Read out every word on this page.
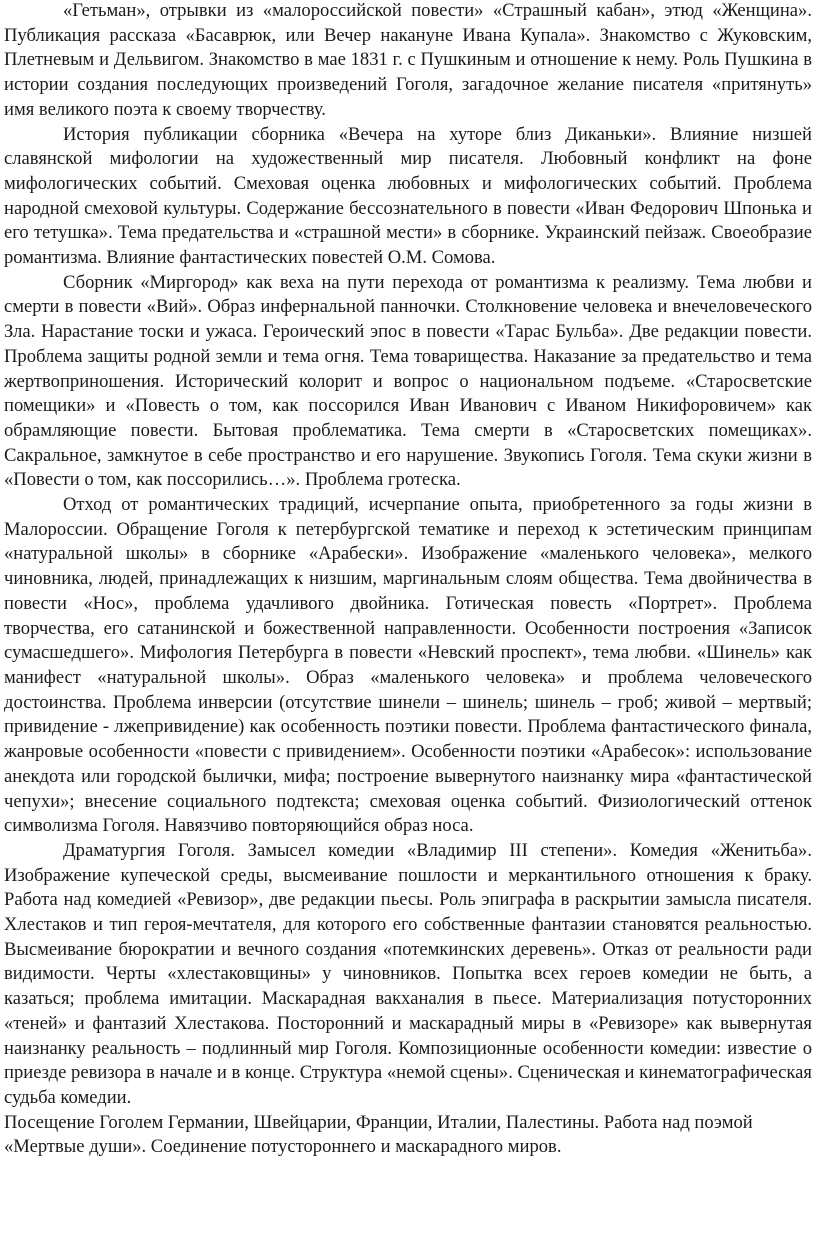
«Гетьман», отрывки из «малороссийской повести» «Страшный кабан», этюд «Женщина». Публикация рассказа «Басаврюк, или Вечер накануне Ивана Купала». Знакомство с Жуковским, Плетневым и Дельвигом. Знакомство в мае 1831 г. с Пушкиным и отношение к нему. Роль Пушкина в истории создания последующих произведений Гоголя, загадочное желание писателя «притянуть» имя великого поэта к своему творчеству.

История публикации сборника «Вечера на хуторе близ Диканьки». Влияние низшей славянской мифологии на художественный мир писателя. Любовный конфликт на фоне мифологических событий. Смеховая оценка любовных и мифологических событий. Проблема народной смеховой культуры. Содержание бессознательного в повести «Иван Федорович Шпонька и его тетушка». Тема предательства и «страшной мести» в сборнике. Украинский пейзаж. Своеобразие романтизма. Влияние фантастических повестей О.М. Сомова.

Сборник «Миргород» как веха на пути перехода от романтизма к реализму. Тема любви и смерти в повести «Вий». Образ инфернальной панночки. Столкновение человека и внечеловеческого Зла. Нарастание тоски и ужаса. Героический эпос в повести «Тарас Бульба». Две редакции повести. Проблема защиты родной земли и тема огня. Тема товарищества. Наказание за предательство и тема жертвоприношения. Исторический колорит и вопрос о национальном подъеме. «Старосветские помещики» и «Повесть о том, как поссорился Иван Иванович с Иваном Никифоровичем» как обрамляющие повести. Бытовая проблематика. Тема смерти в «Старосветских помещиках». Сакральное, замкнутое в себе пространство и его нарушение. Звукопись Гоголя. Тема скуки жизни в «Повести о том, как поссорились…». Проблема гротеска.

Отход от романтических традиций, исчерпание опыта, приобретенного за годы жизни в Малороссии. Обращение Гоголя к петербургской тематике и переход к эстетическим принципам «натуральной школы» в сборнике «Арабески». Изображение «маленького человека», мелкого чиновника, людей, принадлежащих к низшим, маргинальным слоям общества. Тема двойничества в повести «Нос», проблема удачливого двойника. Готическая повесть «Портрет». Проблема творчества, его сатанинской и божественной направленности. Особенности построения «Записок сумасшедшего». Мифология Петербурга в повести «Невский проспект», тема любви. «Шинель» как манифест «натуральной школы». Образ «маленького человека» и проблема человеческого достоинства. Проблема инверсии (отсутствие шинели – шинель; шинель – гроб; живой – мертвый; привидение - лжепривидение) как особенность поэтики повести. Проблема фантастического финала, жанровые особенности «повести с привидением». Особенности поэтики «Арабесок»: использование анекдота или городской былички, мифа; построение вывернутого наизнанку мира «фантастической чепухи»; внесение социального подтекста; смеховая оценка событий. Физиологический оттенок символизма Гоголя. Навязчиво повторяющийся образ носа.

Драматургия Гоголя. Замысел комедии «Владимир III степени». Комедия «Женитьба». Изображение купеческой среды, высмеивание пошлости и меркантильного отношения к браку. Работа над комедией «Ревизор», две редакции пьесы. Роль эпиграфа в раскрытии замысла писателя. Хлестаков и тип героя-мечтателя, для которого его собственные фантазии становятся реальностью. Высмеивание бюрократии и вечного создания «потемкинских деревень». Отказ от реальности ради видимости. Черты «хлестаковщины» у чиновников. Попытка всех героев комедии не быть, а казаться; проблема имитации. Маскарадная вакханалия в пьесе. Материализация потусторонних «теней» и фантазий Хлестакова. Посторонний и маскарадный миры в «Ревизоре» как вывернутая наизнанку реальность – подлинный мир Гоголя. Композиционные особенности комедии: известие о приезде ревизора в начале и в конце. Структура «немой сцены». Сценическая и кинематографическая судьба комедии.

Посещение Гоголем Германии, Швейцарии, Франции, Италии, Палестины. Работа над поэмой «Мертвые души». Соединение потустороннего и маскарадного миров.
